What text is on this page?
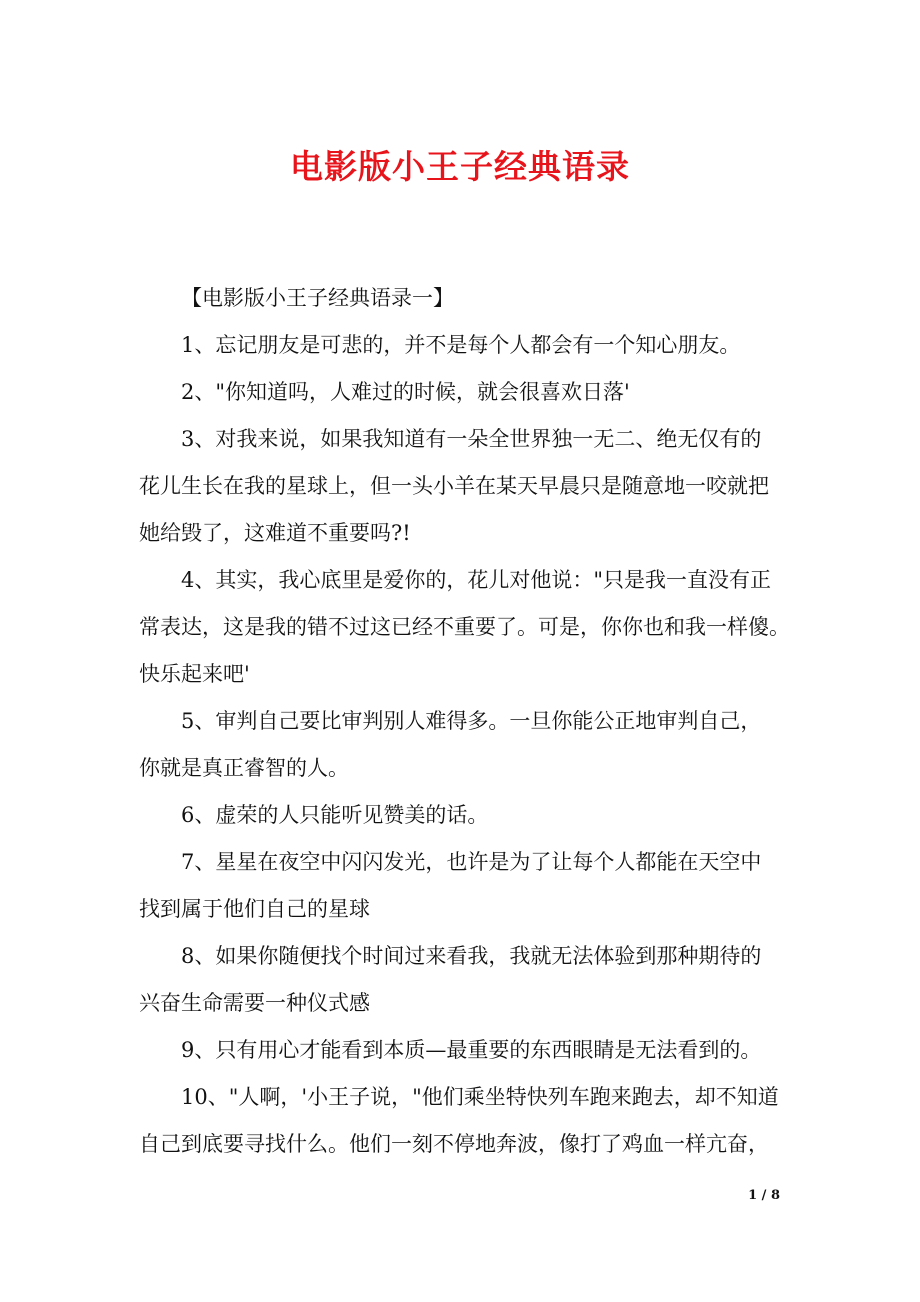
电影版小王子经典语录

【电影版小王子经典语录一】

1、忘记朋友是可悲的，并不是每个人都会有一个知心朋友。

2、"你知道吗，人难过的时候，就会很喜欢日落'

3、对我来说，如果我知道有一朵全世界独一无二、绝无仅有的
花儿生长在我的星球上，但一头小羊在某天早晨只是随意地一咬就把
她给毁了，这难道不重要吗?!

4、其实，我心底里是爱你的，花儿对他说："只是我一直没有正
常表达，这是我的错不过这已经不重要了。可是，你你也和我一样傻。
快乐起来吧'

5、审判自己要比审判别人难得多。一旦你能公正地审判自己，
你就是真正睿智的人。

6、虚荣的人只能听见赞美的话。

7、星星在夜空中闪闪发光，也许是为了让每个人都能在天空中
找到属于他们自己的星球

8、如果你随便找个时间过来看我，我就无法体验到那种期待的
兴奋生命需要一种仪式感

9、只有用心才能看到本质—最重要的东西眼睛是无法看到的。

10、"人啊，'小王子说，"他们乘坐特快列车跑来跑去，却不知道
自己到底要寻找什么。他们一刻不停地奔波，像打了鸡血一样亢奋，

1 / 8
